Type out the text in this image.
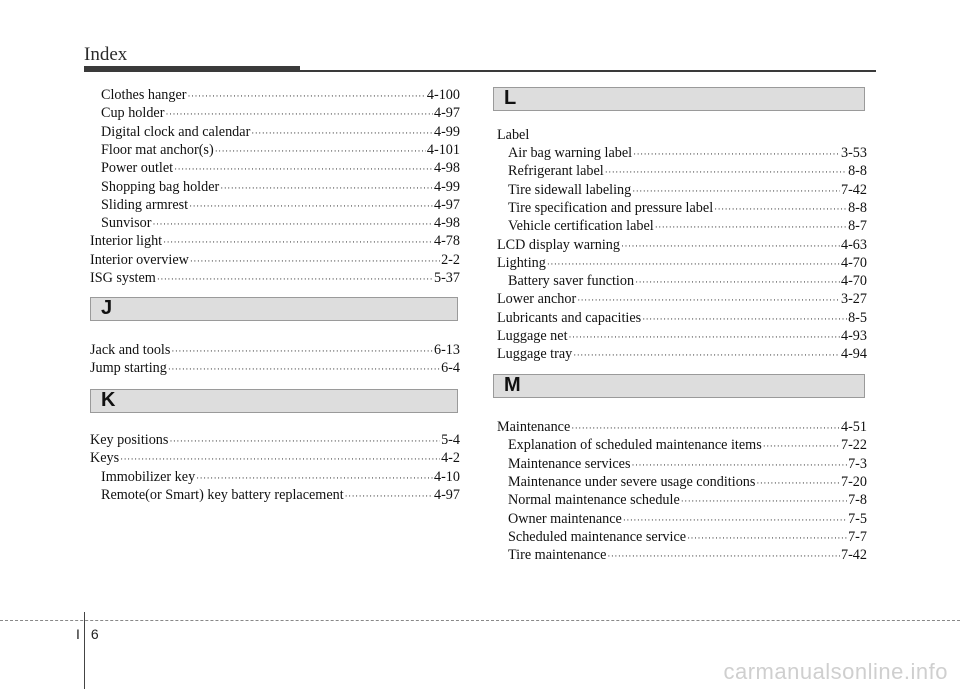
Index
J
K
Clothes hanger ·····	4-100
Cup holder ·····	4-97
Digital clock and calendar ·····	4-99
Floor mat anchor(s) ·····	4-101
Power outlet ·····	4-98
Shopping bag holder ·····	4-99
Sliding armrest ·····	4-97
Sunvisor ·····	4-98
Interior light ·····	4-78
Interior overview ·····	2-2
ISG system ·····	5-37
Jack and tools ·····	6-13
Jump starting ·····	6-4
Key positions ·····	5-4
Keys ·····	4-2
Immobilizer key ·····	4-10
Remote(or Smart) key battery replacement ·····	4-97
L
Label
M
Air bag warning label ·····	3-53
Refrigerant label ·····	8-8
Tire sidewall labeling ·····	7-42
Tire specification and pressure label ·····	8-8
Vehicle certification label ·····	8-7
LCD display warning ·····	4-63
Lighting ·····	4-70
Battery saver function ·····	4-70
Lower anchor ·····	3-27
Lubricants and capacities ·····	8-5
Luggage net ·····	4-93
Luggage tray ·····	4-94
Maintenance ·····	4-51
Explanation of scheduled maintenance items ·····	7-22
Maintenance services ·····	7-3
Maintenance under severe usage conditions ·····	7-20
Normal maintenance schedule ·····	7-8
Owner maintenance ·····	7-5
Scheduled maintenance service ·····	7-7
Tire maintenance ·····	7-42
I 6
carmanualsonline.info
